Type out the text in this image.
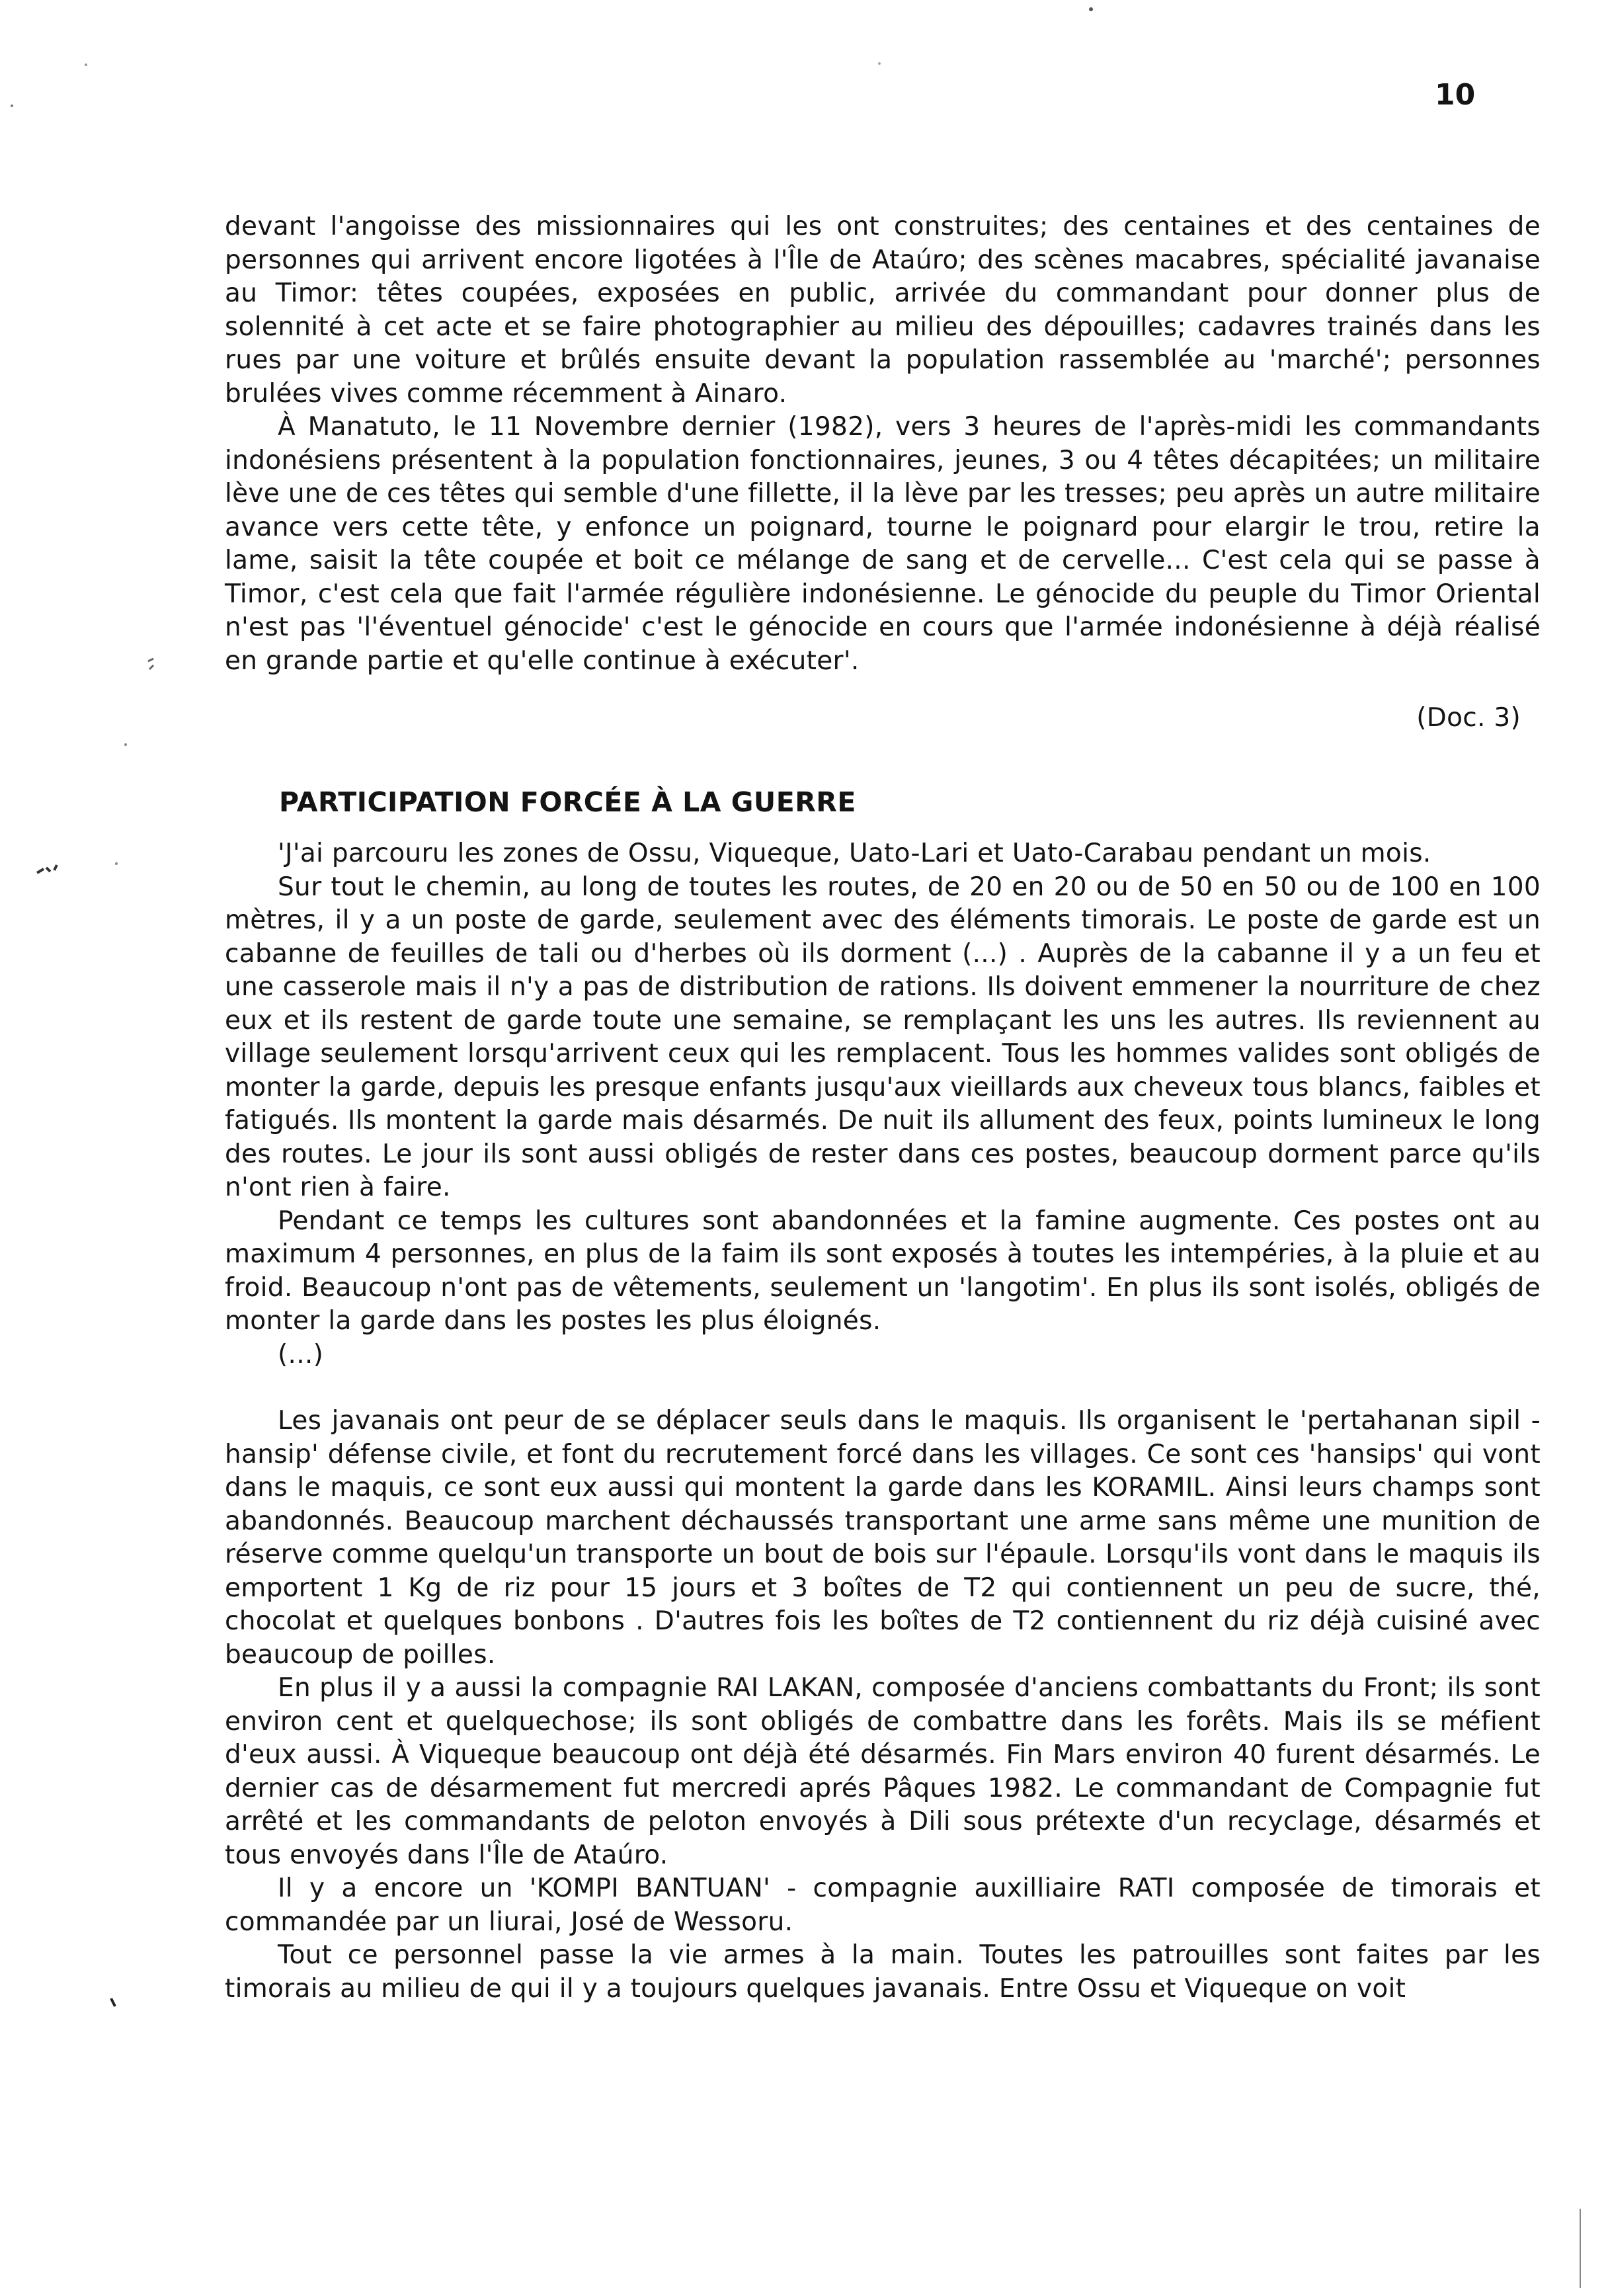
10

devant l'angoisse des missionnaires qui les ont construites; des centaines et des centaines de personnes qui arrivent encore ligotées à l'Île de Ataúro; des scènes macabres, spécialité javanaise au Timor: têtes coupées, exposées en public, arrivée du commandant pour donner plus de solennité à cet acte et se faire photographier au milieu des dépouilles; cadavres trainés dans les rues par une voiture et brûlés ensuite devant la population rassemblée au 'marché'; personnes brulées vives comme récemment à Ainaro.

À Manatuto, le 11 Novembre dernier (1982), vers 3 heures de l'après-midi les commandants indonésiens présentent à la population fonctionnaires, jeunes, 3 ou 4 têtes décapitées; un militaire lève une de ces têtes qui semble d'une fillette, il la lève par les tresses; peu après un autre militaire avance vers cette tête, y enfonce un poignard, tourne le poignard pour elargir le trou, retire la lame, saisit la tête coupée et boit ce mélange de sang et de cervelle... C'est cela qui se passe à Timor, c'est cela que fait l'armée régulière indonésienne. Le génocide du peuple du Timor Oriental n'est pas 'l'éventuel génocide' c'est le génocide en cours que l'armée indonésienne à déjà réalisé en grande partie et qu'elle continue à exécuter'.

(Doc. 3)

PARTICIPATION FORCÉE À LA GUERRE

'J'ai parcouru les zones de Ossu, Viqueque, Uato-Lari et Uato-Carabau pendant un mois.

Sur tout le chemin, au long de toutes les routes, de 20 en 20 ou de 50 en 50 ou de 100 en 100 mètres, il y a un poste de garde, seulement avec des éléments timorais. Le poste de garde est un cabanne de feuilles de tali ou d'herbes où ils dorment (...) . Auprès de la cabanne il y a un feu et une casserole mais il n'y a pas de distribution de rations. Ils doivent emmener la nourriture de chez eux et ils restent de garde toute une semaine, se remplaçant les uns les autres. Ils reviennent au village seulement lorsqu'arrivent ceux qui les remplacent. Tous les hommes valides sont obligés de monter la garde, depuis les presque enfants jusqu'aux vieillards aux cheveux tous blancs, faibles et fatigués. Ils montent la garde mais désarmés. De nuit ils allument des feux, points lumineux le long des routes. Le jour ils sont aussi obligés de rester dans ces postes, beaucoup dorment parce qu'ils n'ont rien à faire.

Pendant ce temps les cultures sont abandonnées et la famine augmente. Ces postes ont au maximum 4 personnes, en plus de la faim ils sont exposés à toutes les intempéries, à la pluie et au froid. Beaucoup n'ont pas de vêtements, seulement un 'langotim'. En plus ils sont isolés, obligés de monter la garde dans les postes les plus éloignés.

(...)

Les javanais ont peur de se déplacer seuls dans le maquis. Ils organisent le 'pertahanan sipil - hansip' défense civile, et font du recrutement forcé dans les villages. Ce sont ces 'hansips' qui vont dans le maquis, ce sont eux aussi qui montent la garde dans les KORAMIL. Ainsi leurs champs sont abandonnés. Beaucoup marchent déchaussés transportant une arme sans même une munition de réserve comme quelqu'un transporte un bout de bois sur l'épaule. Lorsqu'ils vont dans le maquis ils emportent 1 Kg de riz pour 15 jours et 3 boîtes de T2 qui contiennent un peu de sucre, thé, chocolat et quelques bonbons . D'autres fois les boîtes de T2 contiennent du riz déjà cuisiné avec beaucoup de poilles.

En plus il y a aussi la compagnie RAI LAKAN, composée d'anciens combattants du Front; ils sont environ cent et quelquechose; ils sont obligés de combattre dans les forêts. Mais ils se méfient d'eux aussi. À Viqueque beaucoup ont déjà été désarmés. Fin Mars environ 40 furent désarmés. Le dernier cas de désarmement fut mercredi aprés Pâques 1982. Le commandant de Compagnie fut arrêté et les commandants de peloton envoyés à Dili sous prétexte d'un recyclage, désarmés et tous envoyés dans l'Île de Ataúro.

Il y a encore un 'KOMPI BANTUAN' - compagnie auxilliaire RATI composée de timorais et commandée par un liurai, José de Wessoru.

Tout ce personnel passe la vie armes à la main. Toutes les patrouilles sont faites par les timorais au milieu de qui il y a toujours quelques javanais. Entre Ossu et Viqueque on voit
